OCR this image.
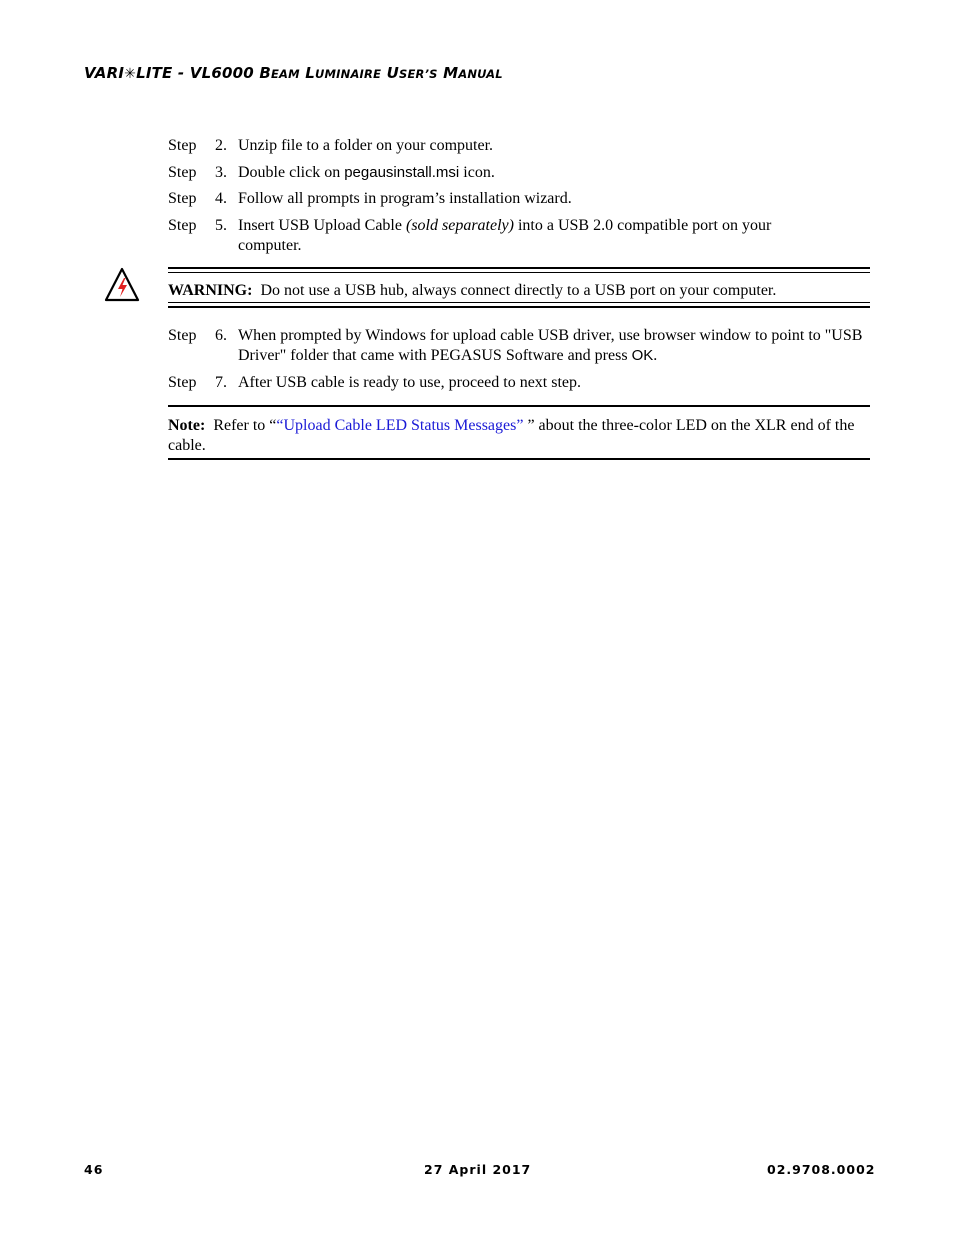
VARI✳LITE - VL6000 BEAM LUMINAIRE USER’S MANUAL
Step 2. Unzip file to a folder on your computer.
Step 3. Double click on pegausinstall.msi icon.
Step 4. Follow all prompts in program’s installation wizard.
Step 5. Insert USB Upload Cable (sold separately) into a USB 2.0 compatible port on your computer.
WARNING: Do not use a USB hub, always connect directly to a USB port on your computer.
Step 6. When prompted by Windows for upload cable USB driver, use browser window to point to "USB Driver" folder that came with PEGASUS Software and press OK.
Step 7. After USB cable is ready to use, proceed to next step.
Note: Refer to ““Upload Cable LED Status Messages” ” about the three-color LED on the XLR end of the cable.
46	27 April 2017	02.9708.0002
